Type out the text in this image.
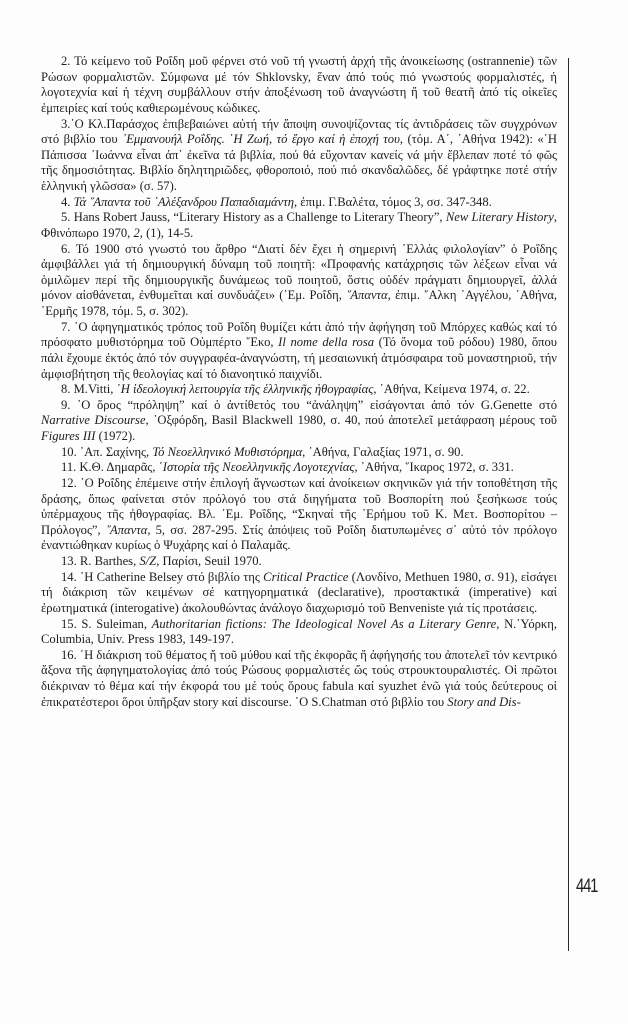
2. Τό κείμενο τοῦ Ροΐδη μοῦ φέρνει στό νοῦ τή γνωστή ἀρχή τῆς ἀνοικείωσης (ostrannenie) τῶν Ρώσων φορμαλιστῶν. Σύμφωνα μέ τόν Shklovsky, ἕναν ἀπό τούς πιό γνωστούς φορμαλιστές, ἡ λογοτεχνία καί ἡ τέχνη συμβάλλουν στήν ἀποξένωση τοῦ ἀναγνώστη ἤ τοῦ θεατῆ ἀπό τίς οἰκεῖες ἐμπειρίες καί τούς καθιερωμένους κώδικες.

3.῾Ο Κλ.Παράσχος ἐπιβεβαιώνει αὐτή τήν ἄποψη συνοψίζοντας τίς ἀντιδράσεις τῶν συγχρόνων στό βιβλίο του ᾽Εμμανουήλ Ροΐδης. ῾Η Ζωή, τό ἔργο καί ἡ ἐποχή του, (τόμ. Α΄, ᾽Αθήνα 1942): «῾Η Πάπισσα ᾽Ιωάννα εἶναι ἀπ᾽ ἐκεῖνα τά βιβλία, πού θά εὔχονταν κανείς νά μήν ἔβλεπαν ποτέ τό φῶς τῆς δημοσιότητας. Βιβλίο δηλητηριῶδες, φθοροποιό, πού πιό σκανδαλῶδες, δέ γράφτηκε ποτέ στήν ἑλληνική γλῶσσα» (σ. 57).

4. Τά ῞Απαντα τοῦ ᾽Αλέξανδρου Παπαδιαμάντη, ἐπιμ. Γ.Βαλέτα, τόμος 3, σσ. 347-348.

5. Hans Robert Jauss, “Literary History as a Challenge to Literary Theory”, New Literary History, Φθινόπωρο 1970, 2, (1), 14-5.

6. Τό 1900 στό γνωστό του ἄρθρο “Διατί δέν ἔχει ἡ σημερινή ῾Ελλάς φιλολογίαν” ὁ Ροΐδης ἀμφιβάλλει γιά τή δημιουργική δύναμη τοῦ ποιητῆ: «Προφανής κατάχρησις τῶν λέξεων εἶναι νά ὁμιλῶμεν περί τῆς δημιουργικῆς δυνάμεως τοῦ ποιητοῦ, ὅστις οὐδέν πράγματι δημιουργεῖ, ἀλλά μόνον αἰσθάνεται, ἐνθυμεῖται καί συνδυάζει» (᾽Εμ. Ροΐδη, ῞Απαντα, ἐπιμ. ῎Αλκη ᾽Αγγέλου, ᾽Αθήνα, ῾Ερμῆς 1978, τόμ. 5, σ. 302).

7. ῾Ο ἀφηγηματικός τρόπος τοῦ Ροΐδη θυμίζει κάτι ἀπό τήν ἀφήγηση τοῦ Μπόρχες καθώς καί τό πρόσφατο μυθιστόρημα τοῦ Οὐμπέρτο ῎Εκο, Il nome della rosa (Τό ὄνομα τοῦ ρόδου) 1980, ὅπου πάλι ἔχουμε ἐκτός ἀπό τόν συγγραφέα-ἀναγνώστη, τή μεσαιωνική ἀτμόσφαιρα τοῦ μοναστηριοῦ, τήν ἀμφισβήτηση τῆς θεολογίας καί τό διανοητικό παιχνίδι.

8. M.Vitti, ῾Η ἰδεολογική λειτουργία τῆς ἑλληνικῆς ἠθογραφίας, ᾽Αθήνα, Κείμενα 1974, σ. 22.

9. ῾Ο ὅρος “πρόληψη” καί ὁ ἀντίθετός του “ἀνάληψη” εἰσάγονται ἀπό τόν G.Genette στό Narrative Discourse, ᾽Οξφόρδη, Basil Blackwell 1980, σ. 40, πού ἀποτελεῖ μετάφραση μέρους τοῦ Figures III (1972).

10. ᾽Απ. Σαχίνης, Τό Νεοελληνικό Μυθιστόρημα, ᾽Αθήνα, Γαλαξίας 1971, σ. 90.

11. Κ.Θ. Δημαρᾶς, ῾Ιστορία τῆς Νεοελληνικῆς Λογοτεχνίας, ᾽Αθήνα, ῞Ικαρος 1972, σ. 331.

12. ῾Ο Ροΐδης ἐπέμεινε στήν ἐπιλογή ἄγνωστων καί ἀνοίκειων σκηνικῶν γιά τήν τοποθέτηση τῆς δράσης, ὅπως φαίνεται στόν πρόλογό του στά διηγήματα τοῦ Βοσπορίτη πού ξεσήκωσε τούς ὑπέρμαχους τῆς ἠθογραφίας. Βλ. ᾽Εμ. Ροΐδης, “Σκηναί τῆς ᾽Ερήμου τοῦ Κ. Μετ. Βοσπορίτου – Πρόλογος”, ῞Απαντα, 5, σσ. 287-295. Στίς ἀπόψεις τοῦ Ροΐδη διατυπωμένες σ᾽ αὐτό τόν πρόλογο ἐναντιώθηκαν κυρίως ὁ Ψυχάρης καί ὁ Παλαμᾶς.

13. R. Barthes, S/Z, Παρίσι, Seuil 1970.

14. ῾Η Catherine Belsey στό βιβλίο της Critical Practice (Λονδίνο, Methuen 1980, σ. 91), εἰσάγει τή διάκριση τῶν κειμένων σέ κατηγορηματικά (declarative), προστακτικά (imperative) καί ἐρωτηματικά (interogative) ἀκολουθώντας ἀνάλογο διαχωρισμό τοῦ Benveniste γιά τίς προτάσεις.

15. S. Suleiman, Authoritarian fictions: The Ideological Novel As a Literary Genre, N.῾Υόρκη, Columbia, Univ. Press 1983, 149-197.

16. ῾Η διάκριση τοῦ θέματος ἤ τοῦ μύθου καί τῆς ἐκφορᾶς ἤ ἀφήγησής του ἀποτελεῖ τόν κεντρικό ἄξονα τῆς ἀφηγηματολογίας ἀπό τούς Ρώσους φορμαλιστές ὥς τούς στρουκτουραλιστές. Οἱ πρῶτοι διέκριναν τό θέμα καί τήν ἐκφορά του μέ τούς ὅρους fabula καί syuzhet ἐνῶ γιά τούς δεύτερους οἱ ἐπικρατέστεροι ὅροι ὑπῆρξαν story καί discourse. ῾Ο S.Chatman στό βιβλίο του Story and Dis-

441
